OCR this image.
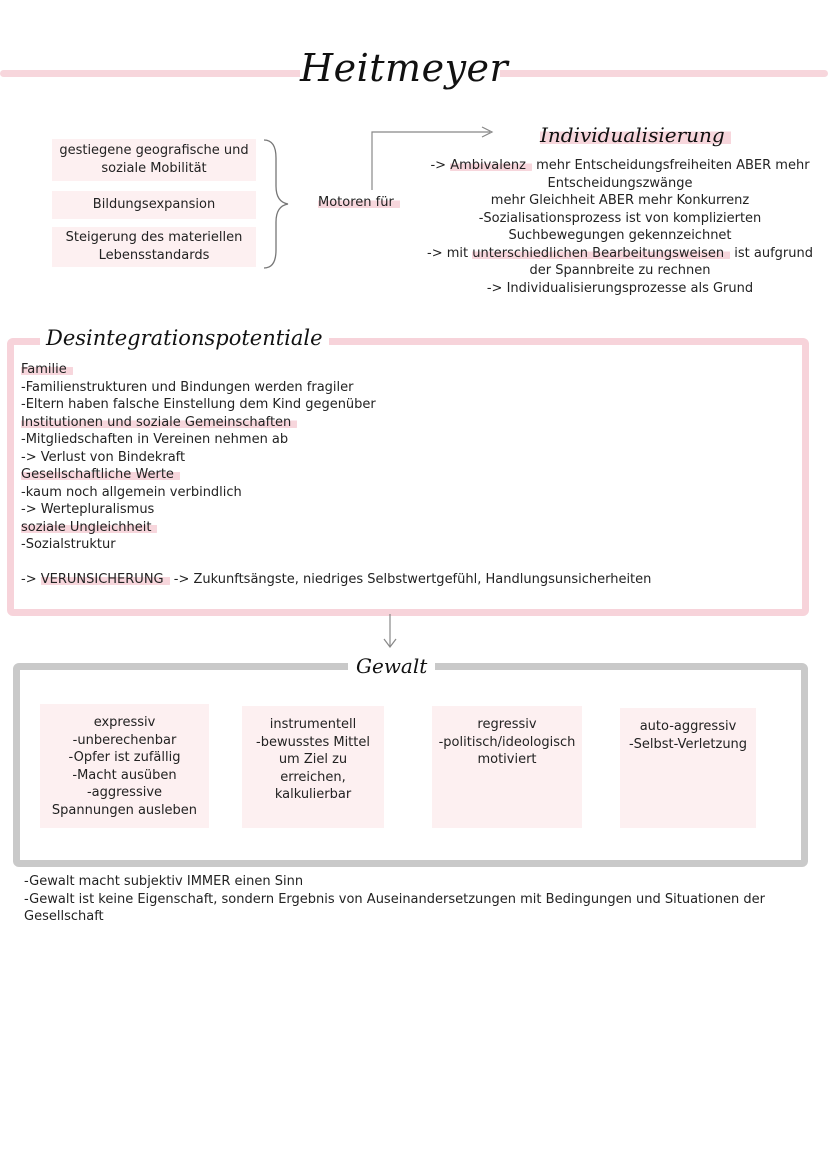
Heitmeyer
gestiegene geografische und soziale Mobilität
Bildungsexpansion
Steigerung des materiellen Lebensstandards
Motoren für
Individualisierung
-> Ambivalenz mehr Entscheidungsfreiheiten ABER mehr
Entscheidungszwänge
mehr Gleichheit ABER mehr Konkurrenz
-Sozialisationsprozess ist von komplizierten
Suchbewegungen gekennzeichnet
-> mit unterschiedlichen Bearbeitungsweisen ist aufgrund
der Spannbreite zu rechnen
-> Individualisierungsprozesse als Grund
Desintegrationspotentiale
Familie
-Familienstrukturen und Bindungen werden fragiler
-Eltern haben falsche Einstellung dem Kind gegenüber
Institutionen und soziale Gemeinschaften
-Mitgliedschaften in Vereinen nehmen ab
-> Verlust von Bindekraft
Gesellschaftliche Werte
-kaum noch allgemein verbindlich
-> Wertepluralismus
soziale Ungleichheit
-Sozialstruktur
-> VERUNSICHERUNG -> Zukunftsängste, niedriges Selbstwertgefühl, Handlungsunsicherheiten
Gewalt
expressiv
-unberechenbar
-Opfer ist zufällig
-Macht ausüben
-aggressive
Spannungen ausleben
instrumentell
-bewusstes Mittel
um Ziel zu
erreichen,
kalkulierbar
regressiv
-politisch/ideologisch
motiviert
auto-aggressiv
-Selbst-Verletzung
-Gewalt macht subjektiv IMMER einen Sinn
-Gewalt ist keine Eigenschaft, sondern Ergebnis von Auseinandersetzungen mit Bedingungen und Situationen der
Gesellschaft
